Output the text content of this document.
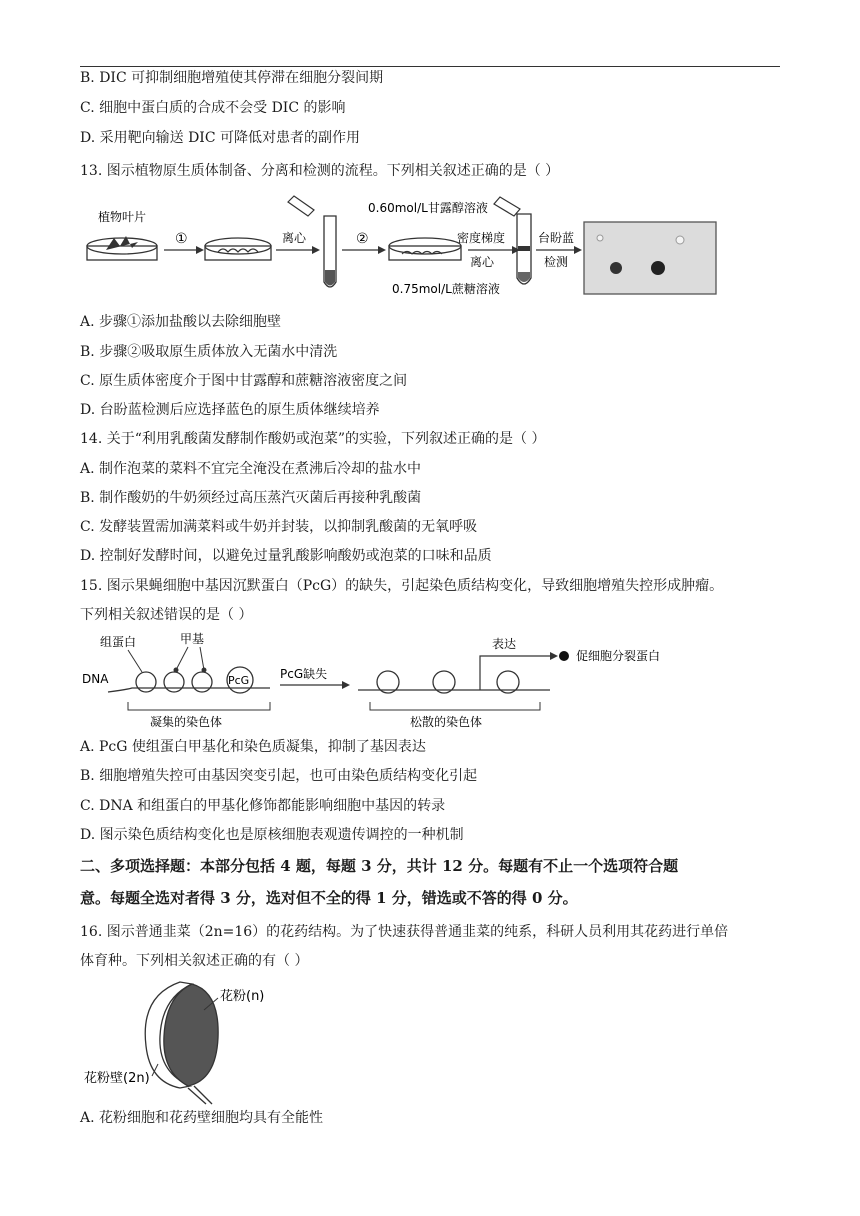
B. DIC 可抑制细胞增殖使其停滞在细胞分裂间期
C. 细胞中蛋白质的合成不会受 DIC 的影响
D. 采用靶向输送 DIC 可降低对患者的副作用
13. 图示植物原生质体制备、分离和检测的流程。下列相关叙述正确的是（ ）
植物叶片
①	离心
0.60mol/L甘露醇溶液
②	密度梯度
离心
台盼蓝
检测
0.75mol/L蔗糖溶液
A. 步骤①添加盐酸以去除细胞壁
B. 步骤②吸取原生质体放入无菌水中清洗
C. 原生质体密度介于图中甘露醇和蔗糖溶液密度之间
D. 台盼蓝检测后应选择蓝色的原生质体继续培养
14. 关于“利用乳酸菌发酵制作酸奶或泡菜”的实验，下列叙述正确的是（ ）
A. 制作泡菜的菜料不宜完全淹没在煮沸后冷却的盐水中
B. 制作酸奶的牛奶须经过高压蒸汽灭菌后再接种乳酸菌
C. 发酵装置需加满菜料或牛奶并封装，以抑制乳酸菌的无氧呼吸
D. 控制好发酵时间，以避免过量乳酸影响酸奶或泡菜的口味和品质
15. 图示果蝇细胞中基因沉默蛋白（PcG）的缺失，引起染色质结构变化，导致细胞增殖失控形成肿瘤。
下列相关叙述错误的是（ ）
组蛋白	甲基
DNA	PcG
凝集的染色体
PcG缺失
表达
促细胞分裂蛋白
松散的染色体
A. PcG 使组蛋白甲基化和染色质凝集，抑制了基因表达
B. 细胞增殖失控可由基因突变引起，也可由染色质结构变化引起
C. DNA 和组蛋白的甲基化修饰都能影响细胞中基因的转录
D. 图示染色质结构变化也是原核细胞表观遗传调控的一种机制
二、多项选择题：本部分包括 4 题，每题 3 分，共计 12 分。每题有不止一个选项符合题
意。每题全选对者得 3 分，选对但不全的得 1 分，错选或不答的得 0 分。
16. 图示普通韭菜（2n=16）的花药结构。为了快速获得普通韭菜的纯系，科研人员利用其花药进行单倍
体育种。下列相关叙述正确的有（ ）
花粉(n)
花粉壁(2n)
A. 花粉细胞和花药壁细胞均具有全能性
